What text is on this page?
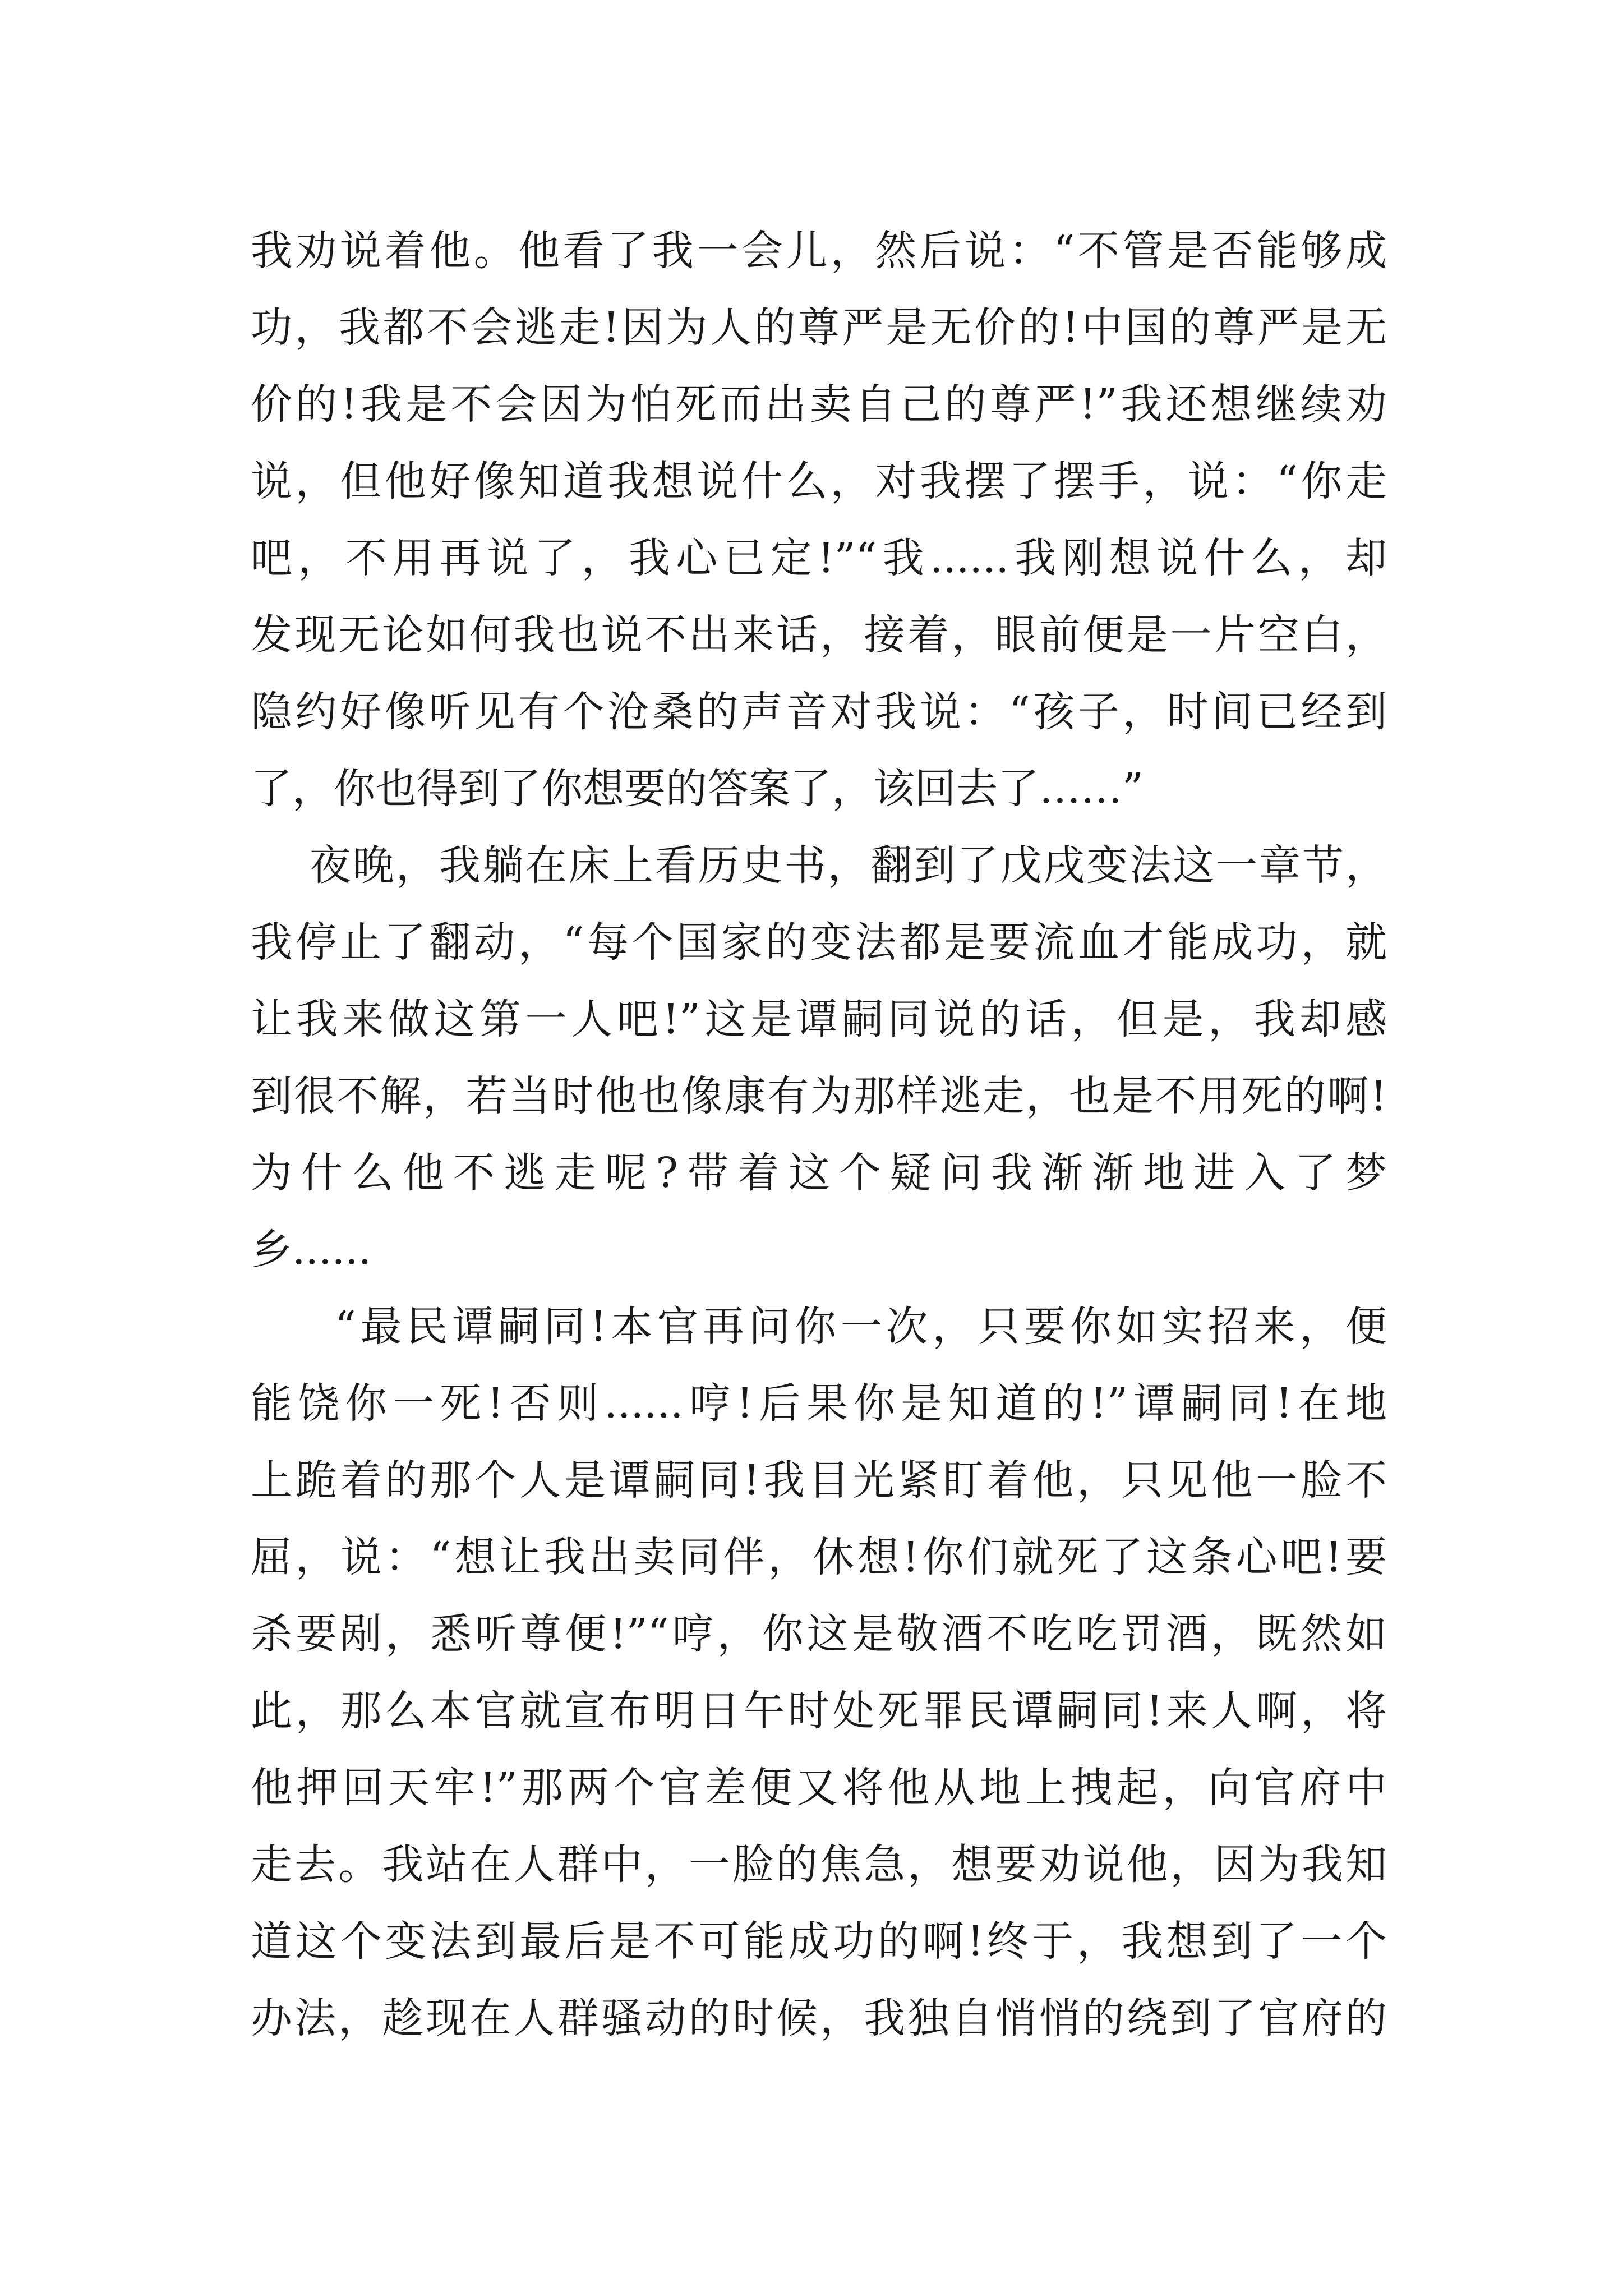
我劝说着他。他看了我一会儿，然后说：“不管是否能够成
功，我都不会逃走!因为人的尊严是无价的!中国的尊严是无
价的!我是不会因为怕死而出卖自己的尊严!”我还想继续劝
说，但他好像知道我想说什么，对我摆了摆手，说：“你走
吧，不用再说了，我心已定!”“我......我刚想说什么，却
发现无论如何我也说不出来话，接着，眼前便是一片空白，
隐约好像听见有个沧桑的声音对我说：“孩子，时间已经到
了，你也得到了你想要的答案了，该回去了……”

夜晚，我躺在床上看历史书，翻到了戊戌变法这一章节，
我停止了翻动，“每个国家的变法都是要流血才能成功，就
让我来做这第一人吧!”这是谭嗣同说的话，但是，我却感
到很不解，若当时他也像康有为那样逃走，也是不用死的啊!
为什么他不逃走呢?带着这个疑问我渐渐地进入了梦
乡......

“最民谭嗣同!本官再问你一次，只要你如实招来，便
能饶你一死!否则......哼!后果你是知道的!”谭嗣同!在地
上跪着的那个人是谭嗣同!我目光紧盯着他，只见他一脸不
屈，说：“想让我出卖同伴，休想!你们就死了这条心吧!要
杀要剐，悉听尊便!”“哼，你这是敬酒不吃吃罚酒，既然如
此，那么本官就宣布明日午时处死罪民谭嗣同!来人啊，将
他押回天牢!”那两个官差便又将他从地上拽起，向官府中
走去。我站在人群中，一脸的焦急，想要劝说他，因为我知
道这个变法到最后是不可能成功的啊!终于，我想到了一个
办法，趁现在人群骚动的时候，我独自悄悄的绕到了官府的
